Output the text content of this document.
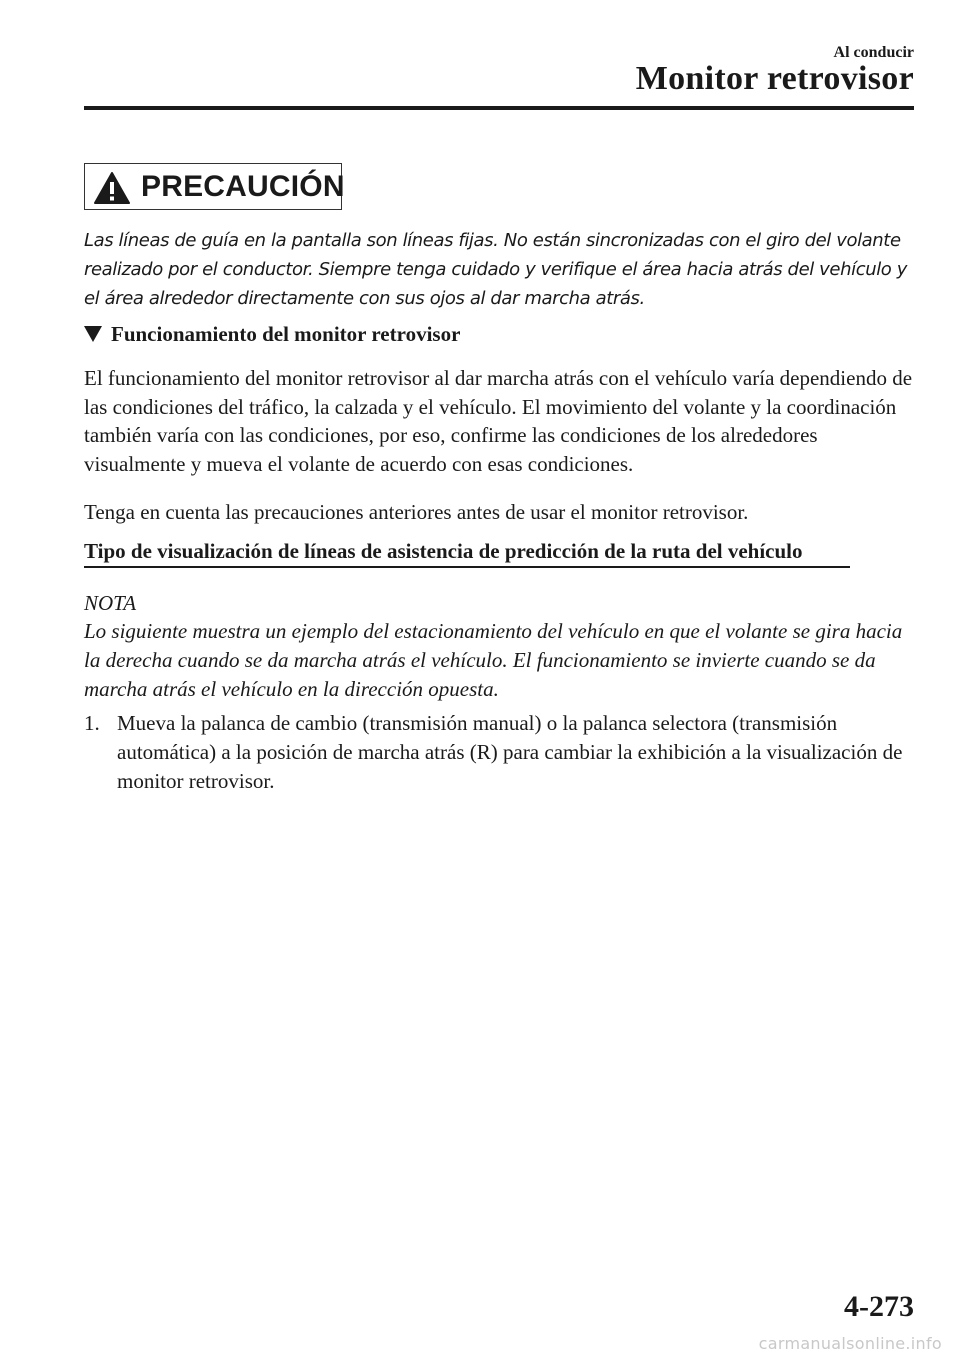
Al conducir
Monitor retrovisor
PRECAUCIÓN

Las líneas de guía en la pantalla son líneas fijas. No están sincronizadas con el giro del volante realizado por el conductor. Siempre tenga cuidado y verifique el área hacia atrás del vehículo y el área alrededor directamente con sus ojos al dar marcha atrás.

Funcionamiento del monitor retrovisor

El funcionamiento del monitor retrovisor al dar marcha atrás con el vehículo varía dependiendo de las condiciones del tráfico, la calzada y el vehículo. El movimiento del volante y la coordinación también varía con las condiciones, por eso, confirme las condiciones de los alrededores visualmente y mueva el volante de acuerdo con esas condiciones.

Tenga en cuenta las precauciones anteriores antes de usar el monitor retrovisor.

Tipo de visualización de líneas de asistencia de predicción de la ruta del vehículo
NOTA

Lo siguiente muestra un ejemplo del estacionamiento del vehículo en que el volante se gira hacia la derecha cuando se da marcha atrás el vehículo. El funcionamiento se invierte cuando se da marcha atrás el vehículo en la dirección opuesta.

1. Mueva la palanca de cambio (transmisión manual) o la palanca selectora (transmisión automática) a la posición de marcha atrás (R) para cambiar la exhibición a la visualización de monitor retrovisor.

4-273
carmanualsonline.info
